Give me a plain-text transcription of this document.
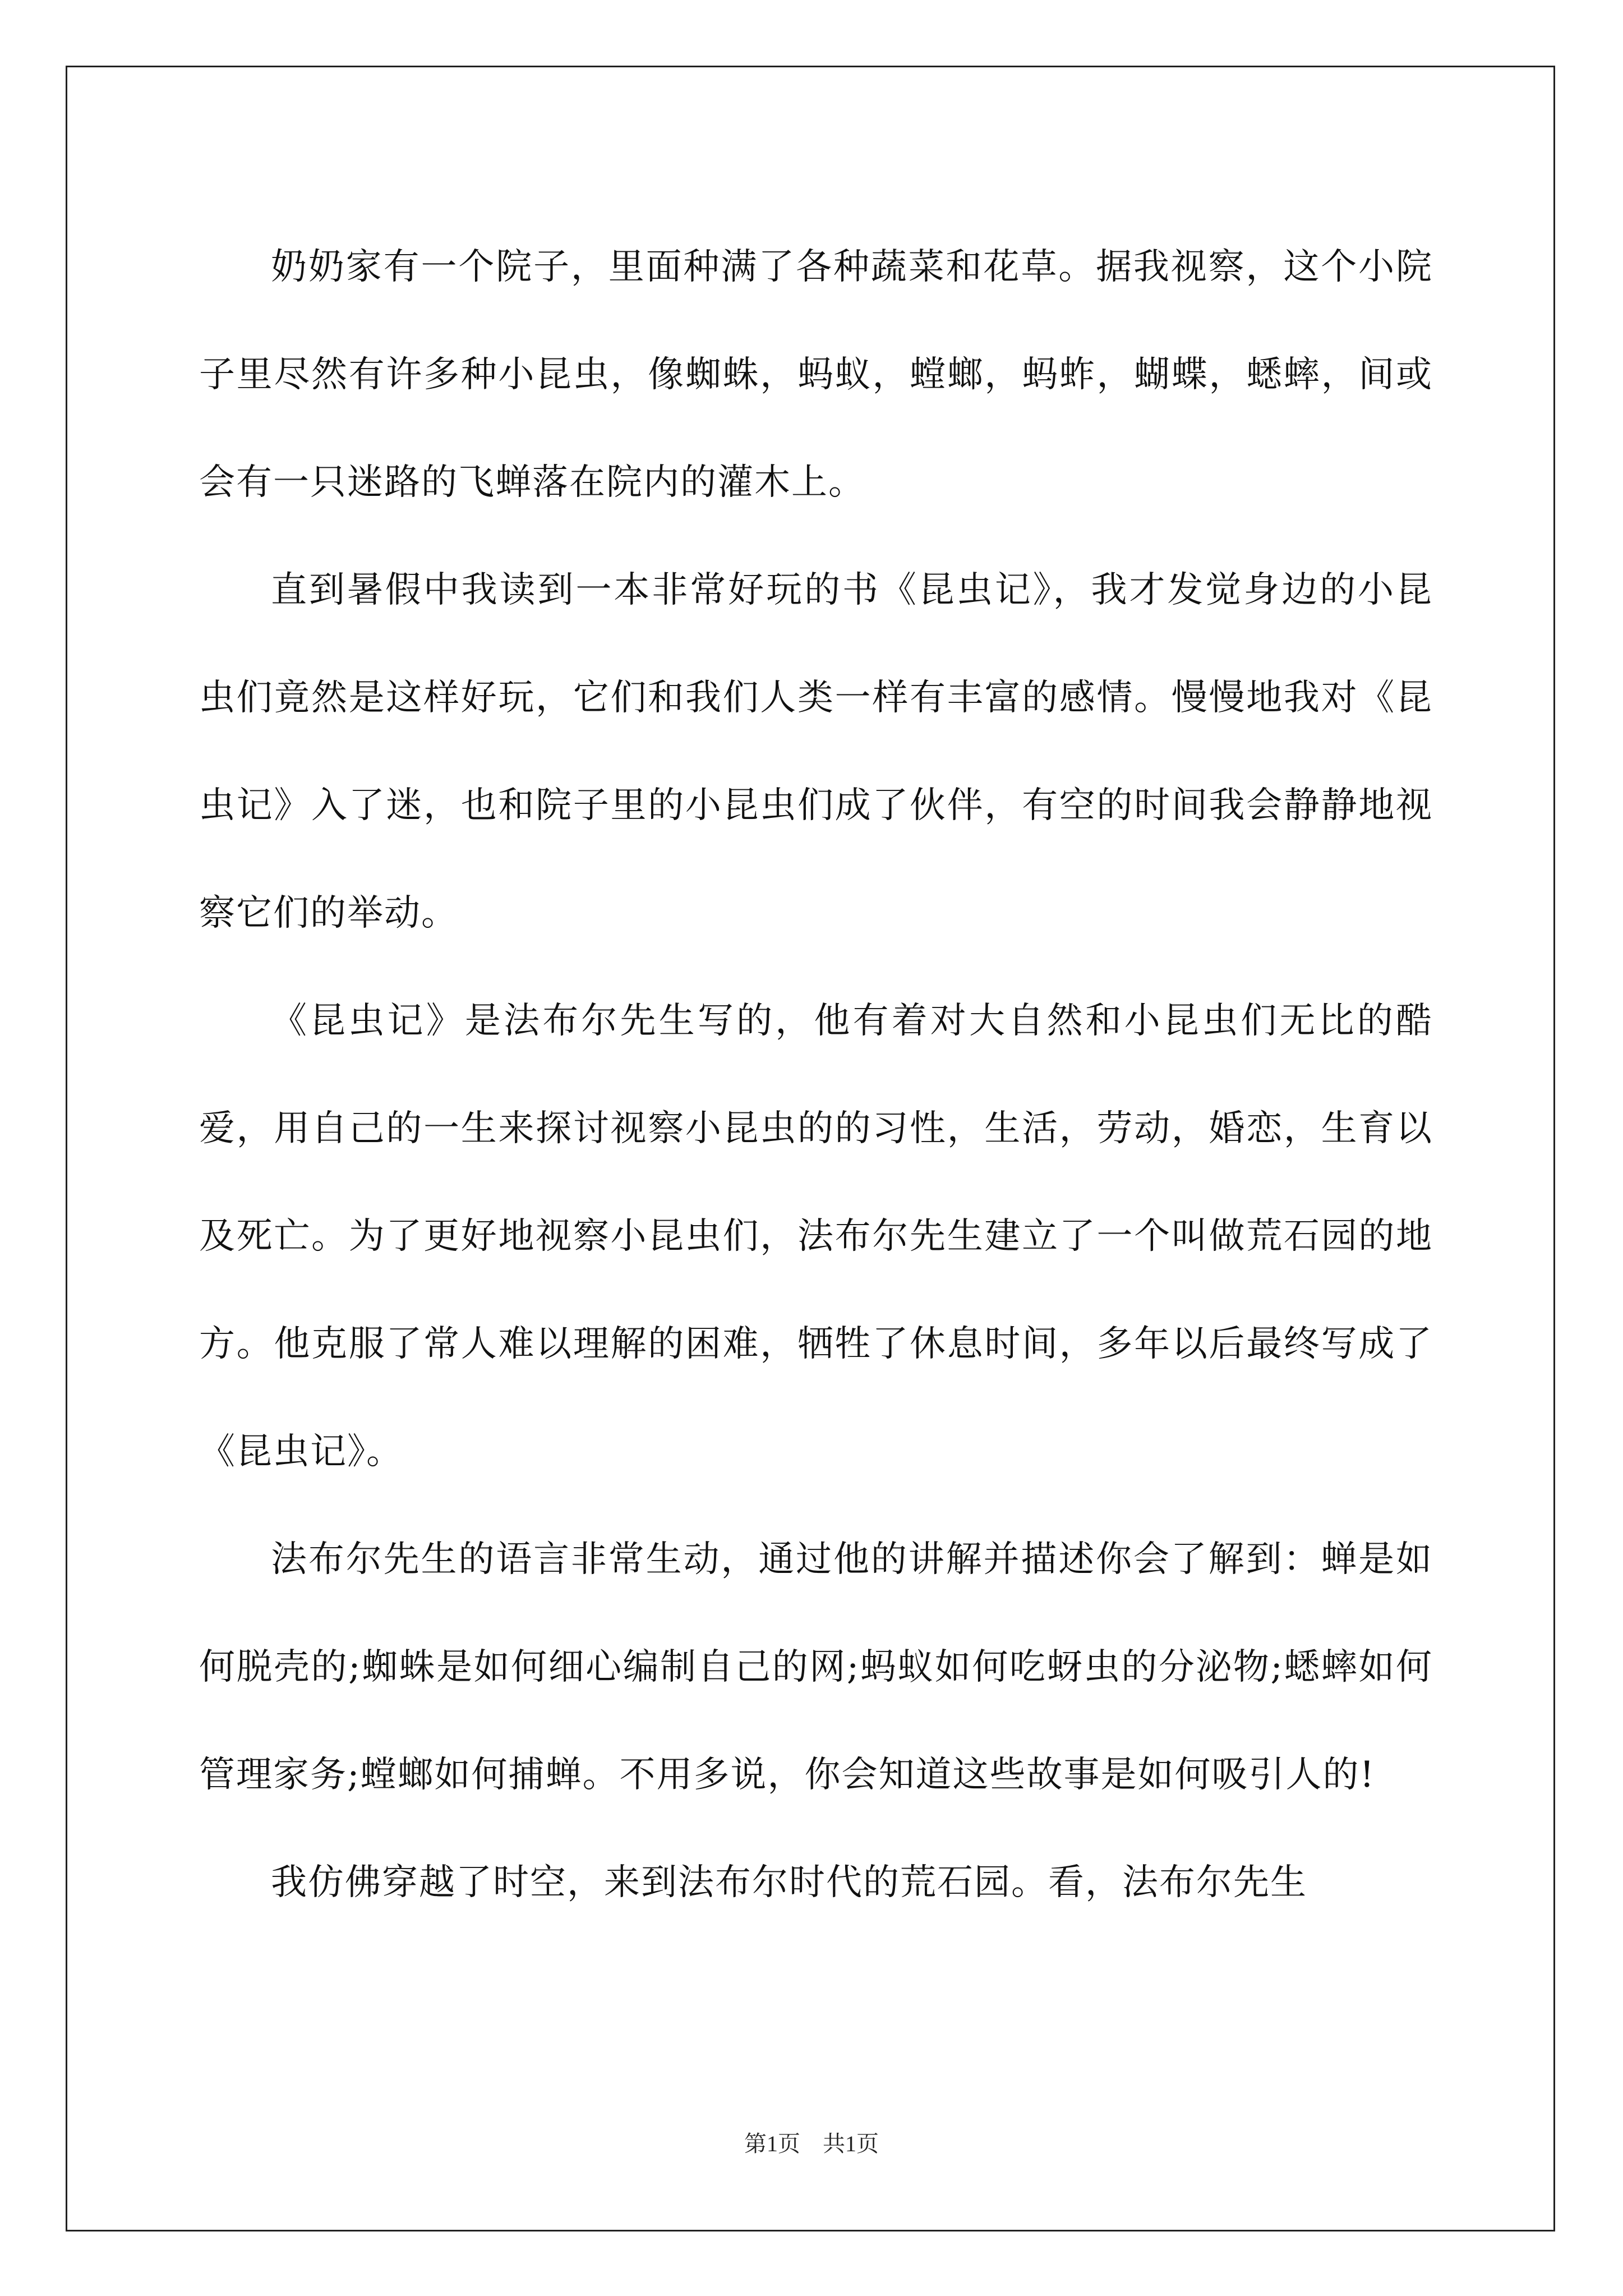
奶奶家有一个院子，里面种满了各种蔬菜和花草。据我视察，这个小院子里尽然有许多种小昆虫，像蜘蛛，蚂蚁，螳螂，蚂蚱，蝴蝶，蟋蟀，间或会有一只迷路的飞蝉落在院内的灌木上。

直到暑假中我读到一本非常好玩的书《昆虫记》，我才发觉身边的小昆虫们竟然是这样好玩，它们和我们人类一样有丰富的感情。慢慢地我对《昆虫记》入了迷，也和院子里的小昆虫们成了伙伴，有空的时间我会静静地视察它们的举动。

《昆虫记》是法布尔先生写的，他有着对大自然和小昆虫们无比的酷爱，用自己的一生来探讨视察小昆虫的的习性，生活，劳动，婚恋，生育以及死亡。为了更好地视察小昆虫们，法布尔先生建立了一个叫做荒石园的地方。他克服了常人难以理解的困难，牺牲了休息时间，多年以后最终写成了《昆虫记》。

法布尔先生的语言非常生动，通过他的讲解并描述你会了解到：蝉是如何脱壳的;蜘蛛是如何细心编制自己的网;蚂蚁如何吃蚜虫的分泌物;蟋蟀如何管理家务;螳螂如何捕蝉。不用多说，你会知道这些故事是如何吸引人的!

我仿佛穿越了时空，来到法布尔时代的荒石园。看，法布尔先生

第1页 共1页
